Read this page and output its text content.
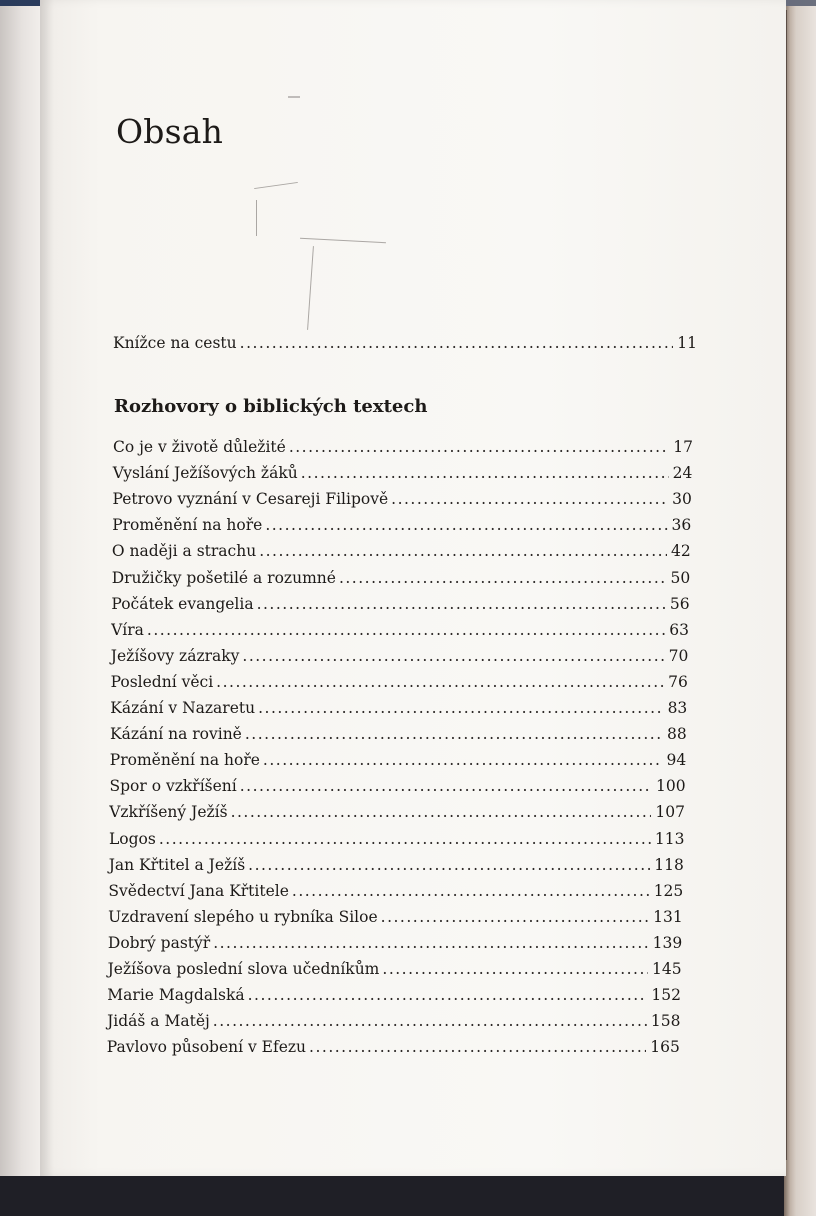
Obsah
Knížce na cestu .....	11
Rozhovory o biblických textech
Co je v životě důležité .....	17
Vyslání Ježíšových žáků .....	24
Petrovo vyznání v Cesareji Filipově .....	30
Proměnění na hoře .....	36
O naději a strachu .....	42
Družičky pošetilé a rozumné .....	50
Počátek evangelia .....	56
Víra .....	63
Ježíšovy zázraky .....	70
Poslední věci .....	76
Kázání v Nazaretu .....	83
Kázání na rovině .....	88
Proměnění na hoře .....	94
Spor o vzkříšení .....	100
Vzkříšený Ježíš .....	107
Logos .....	113
Jan Křtitel a Ježíš .....	118
Svědectví Jana Křtitele .....	125
Uzdravení slepého u rybníka Siloe .....	131
Dobrý pastýř .....	139
Ježíšova poslední slova učedníkům .....	145
Marie Magdalská .....	152
Jidáš a Matěj .....	158
Pavlovo působení v Efezu .....	165
